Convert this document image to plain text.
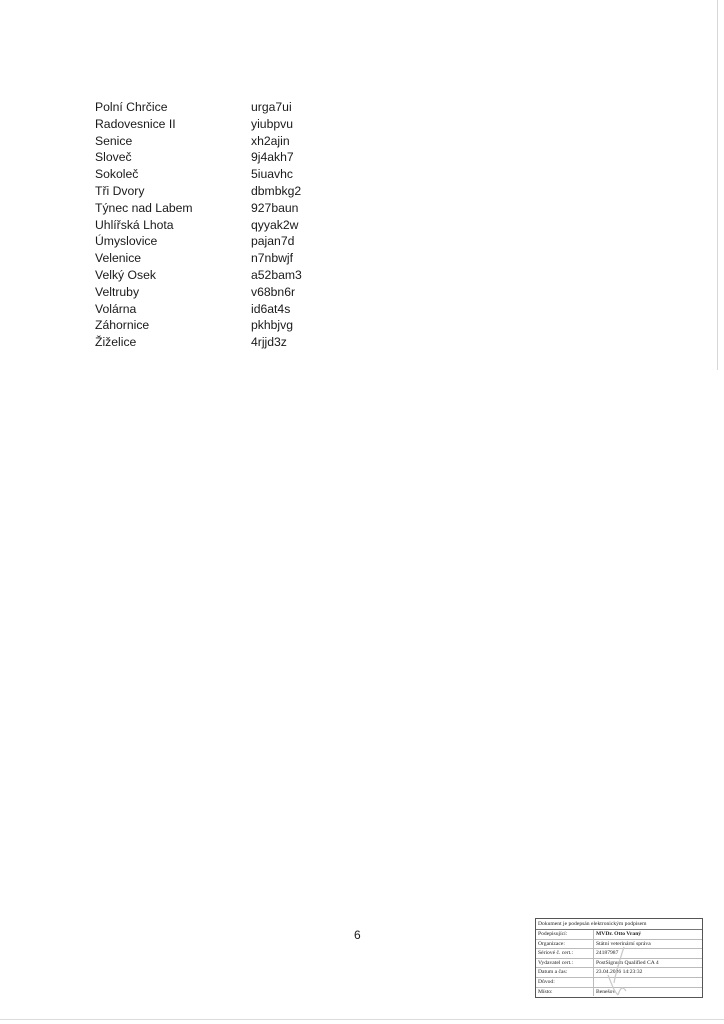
Polní Chrčice	urga7ui
Radovesnice II	yiubpvu
Senice	xh2ajin
Sloveč	9j4akh7
Sokoleč	5iuavhc
Tři Dvory	dbmbkg2
Týnec nad Labem	927baun
Uhlířská Lhota	qyyak2w
Úmyslovice	pajan7d
Velenice	n7nbwjf
Velký Osek	a52bam3
Veltruby	v68bn6r
Volárna	id6at4s
Záhornice	pkhbjvg
Žiželice	4rjjd3z
6
Dokument je podepsán elektronickým podpisem
Podepisující:	MVDr. Otto Vraný
Organizace:	Státní veterinární správa
Sériové č. cert.:	24187987
Vydavatel cert.:	PostSignum Qualified CA 4
Datum a čas:	23.04.2026 14:23:32
Důvod:
Místo:	Benešov
